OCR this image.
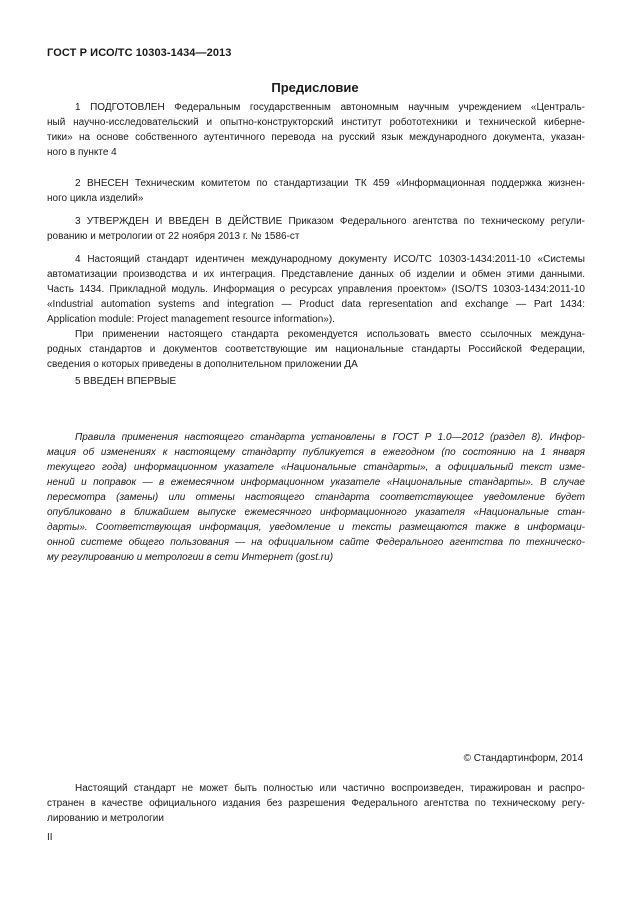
ГОСТ Р ИСО/ТС 10303-1434—2013
Предисловие
1 ПОДГОТОВЛЕН Федеральным государственным автономным научным учреждением «Централь-
ный научно-исследовательский и опытно-конструкторский институт робототехники и технической киберне-
тики» на основе собственного аутентичного перевода на русский язык международного документа, указан-
ного в пункте 4
2 ВНЕСЕН Техническим комитетом по стандартизации ТК 459 «Информационная поддержка жизнен-
ного цикла изделий»
3 УТВЕРЖДЕН И ВВЕДЕН В ДЕЙСТВИЕ Приказом Федерального агентства по техническому регули-
рованию и метрологии от 22 ноября 2013 г. № 1586-ст
4 Настоящий стандарт идентичен международному документу ИСО/ТС 10303-1434:2011-10 «Системы
автоматизации производства и их интеграция. Представление данных об изделии и обмен этими данными.
Часть 1434. Прикладной модуль. Информация о ресурсах управления проектом» (ISO/TS 10303-1434:2011-10
«Industrial automation systems and integration — Product data representation and exchange — Part 1434:
Application module: Project management resource information»).
При применении настоящего стандарта рекомендуется использовать вместо ссылочных междуна-
родных стандартов и документов соответствующие им национальные стандарты Российской Федерации,
сведения о которых приведены в дополнительном приложении ДА
5 ВВЕДЕН ВПЕРВЫЕ
Правила применения настоящего стандарта установлены в ГОСТ Р 1.0—2012 (раздел 8). Инфор-
мация об изменениях к настоящему стандарту публикуется в ежегодном (по состоянию на 1 января
текущего года) информационном указателе «Национальные стандарты», а официальный текст измe-
нений и поправок — в ежемесячном информационном указателе «Национальные стандарты». В случае
пересмотра (замены) или отмены настоящего стандарта соответствующее уведомление будет
опубликовано в ближайшем выпуске ежемесячного информационного указателя «Национальные стан-
дарты». Соответствующая информация, уведомление и тексты размещаются также в информаци-
онной системе общего пользования — на официальном сайте Федерального агентства по техническо-
му регулированию и метрологии в сети Интернет (gost.ru)
© Стандартинформ, 2014
Настоящий стандарт не может быть полностью или частично воспроизведен, тиражирован и распро-
странен в качестве официального издания без разрешения Федерального агентства по техническому регу-
лированию и метрологии
II
